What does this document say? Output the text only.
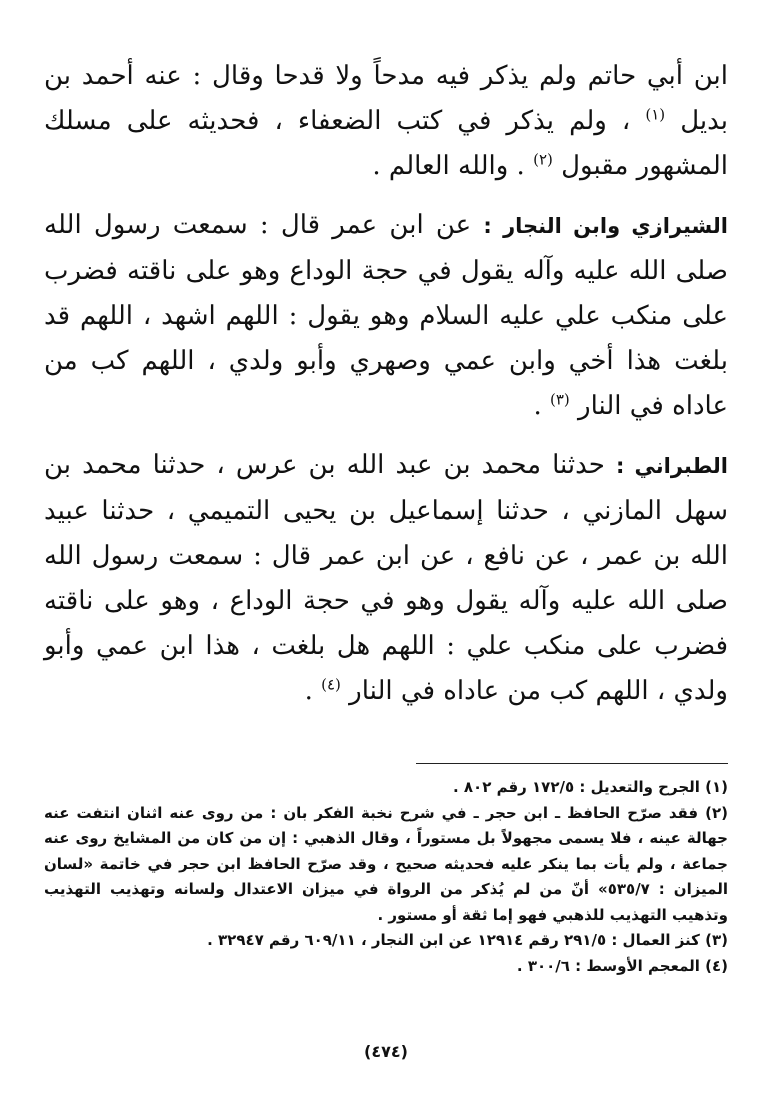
ابن أبي حاتم ولم يذكر فيه مدحاً ولا قدحا وقال : عنه أحمد بن بديل $^{(١)}$ ، ولم يذكر في كتب الضعفاء ، فحديثه على مسلك المشهور مقبول $^{(٢)}$ . والله العالم .

الشيرازي وابن النجار : عن ابن عمر قال : سمعت رسول الله صلى الله عليه وآله يقول في حجة الوداع وهو على ناقته فضرب على منكب علي عليه السلام وهو يقول : اللهم اشهد ، اللهم قد بلغت هذا أخي وابن عمي وصهري وأبو ولدي ، اللهم كب من عاداه في النار $^{(٣)}$ .

الطبراني : حدثنا محمد بن عبد الله بن عرس ، حدثنا محمد بن سهل المازني ، حدثنا إسماعيل بن يحيى التميمي ، حدثنا عبيد الله بن عمر ، عن نافع ، عن ابن عمر قال : سمعت رسول الله صلى الله عليه وآله يقول وهو في حجة الوداع ، وهو على ناقته فضرب على منكب علي : اللهم هل بلغت ، هذا ابن عمي وأبو ولدي ، اللهم كب من عاداه في النار $^{(٤)}$ .

(١) الجرح والتعديل : ١٧٢/٥ رقم ٨٠٢ .

(٢) فقد صرّح الحافظ ـ ابن حجر ـ في شرح نخبة الفكر بان : من روى عنه اثنان انتفت عنه جهالة عينه ، فلا يسمى مجهولاً بل مستوراً ، وقال الذهبي : إن من كان من المشايخ روى عنه جماعة ، ولم يأت بما ينكر عليه فحديثه صحيح ، وقد صرّح الحافظ ابن حجر في خاتمة «لسان الميزان : ٥٣٥/٧» أنّ من لم يُذكر من الرواة في ميزان الاعتدال ولسانه وتهذيب التهذيب وتذهيب التهذيب للذهبي فهو إما ثقة أو مستور .

(٣) كنز العمال : ٢٩١/٥ رقم ١٢٩١٤ عن ابن النجار ، ٦٠٩/١١ رقم ٣٢٩٤٧ .

(٤) المعجم الأوسط : ٣٠٠/٦ .

(٤٧٤)
